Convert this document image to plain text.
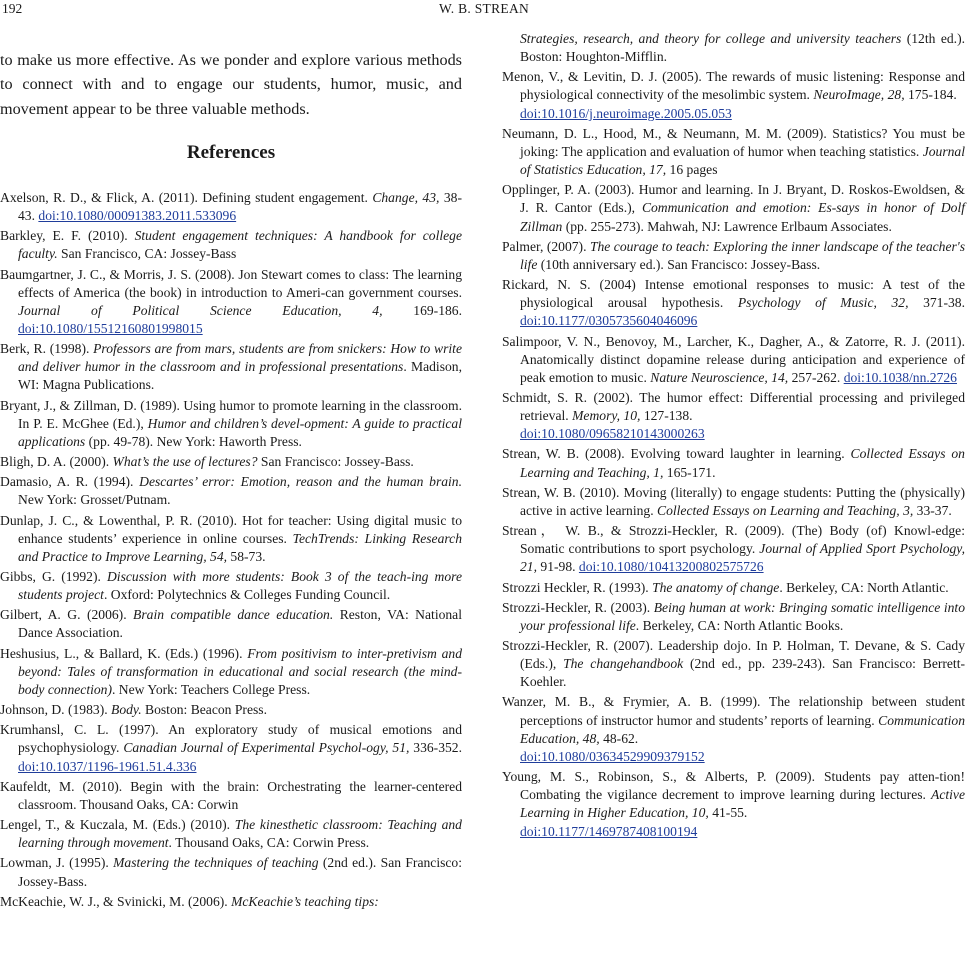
192	W. B. STREAN

to make us more effective. As we ponder and explore various methods to connect with and to engage our students, humor, music, and movement appear to be three valuable methods.

References
Axelson, R. D., & Flick, A. (2011). Defining student engagement. Change, 43, 38-43. doi:10.1080/00091383.2011.533096
Barkley, E. F. (2010). Student engagement techniques: A handbook for college faculty. San Francisco, CA: Jossey-Bass
Baumgartner, J. C., & Morris, J. S. (2008). Jon Stewart comes to class: The learning effects of America (the book) in introduction to Ameri-can government courses. Journal of Political Science Education, 4, 169-186. doi:10.1080/15512160801998015
Berk, R. (1998). Professors are from mars, students are from snickers: How to write and deliver humor in the classroom and in professional presentations. Madison, WI: Magna Publications.
Bryant, J., & Zillman, D. (1989). Using humor to promote learning in the classroom. In P. E. McGhee (Ed.), Humor and children’s devel-opment: A guide to practical applications (pp. 49-78). New York: Haworth Press.
Bligh, D. A. (2000). What’s the use of lectures? San Francisco: Jossey-Bass.
Damasio, A. R. (1994). Descartes’ error: Emotion, reason and the human brain. New York: Grosset/Putnam.
Dunlap, J. C., & Lowenthal, P. R. (2010). Hot for teacher: Using digital music to enhance students’ experience in online courses. TechTrends: Linking Research and Practice to Improve Learning, 54, 58-73.
Gibbs, G. (1992). Discussion with more students: Book 3 of the teach-ing more students project. Oxford: Polytechnics & Colleges Funding Council.
Gilbert, A. G. (2006). Brain compatible dance education. Reston, VA: National Dance Association.
Heshusius, L., & Ballard, K. (Eds.) (1996). From positivism to inter-pretivism and beyond: Tales of transformation in educational and social research (the mind-body connection). New York: Teachers College Press.
Johnson, D. (1983). Body. Boston: Beacon Press.
Krumhansl, C. L. (1997). An exploratory study of musical emotions and psychophysiology. Canadian Journal of Experimental Psychol-ogy, 51, 336-352. doi:10.1037/1196-1961.51.4.336
Kaufeldt, M. (2010). Begin with the brain: Orchestrating the learner-centered classroom. Thousand Oaks, CA: Corwin
Lengel, T., & Kuczala, M. (Eds.) (2010). The kinesthetic classroom: Teaching and learning through movement. Thousand Oaks, CA: Corwin Press.
Lowman, J. (1995). Mastering the techniques of teaching (2nd ed.). San Francisco: Jossey-Bass.
McKeachie, W. J., & Svinicki, M. (2006). McKeachie’s teaching tips:
Strategies, research, and theory for college and university teachers (12th ed.). Boston: Houghton-Mifflin.
Menon, V., & Levitin, D. J. (2005). The rewards of music listening: Response and physiological connectivity of the mesolimbic system. NeuroImage, 28, 175-184.
doi:10.1016/j.neuroimage.2005.05.053
Neumann, D. L., Hood, M., & Neumann, M. M. (2009). Statistics? You must be joking: The application and evaluation of humor when teaching statistics. Journal of Statistics Education, 17, 16 pages
Opplinger, P. A. (2003). Humor and learning. In J. Bryant, D. Roskos-Ewoldsen, & J. R. Cantor (Eds.), Communication and emotion: Es-says in honor of Dolf Zillman (pp. 255-273). Mahwah, NJ: Lawrence Erlbaum Associates.
Palmer, (2007). The courage to teach: Exploring the inner landscape of the teacher's life (10th anniversary ed.). San Francisco: Jossey-Bass.
Rickard, N. S. (2004) Intense emotional responses to music: A test of the physiological arousal hypothesis. Psychology of Music, 32, 371-38. doi:10.1177/0305735604046096
Salimpoor, V. N., Benovoy, M., Larcher, K., Dagher, A., & Zatorre, R. J. (2011). Anatomically distinct dopamine release during anticipation and experience of peak emotion to music. Nature Neuroscience, 14, 257-262. doi:10.1038/nn.2726
Schmidt, S. R. (2002). The humor effect: Differential processing and privileged retrieval. Memory, 10, 127-138.
doi:10.1080/09658210143000263
Strean, W. B. (2008). Evolving toward laughter in learning. Collected Essays on Learning and Teaching, 1, 165-171.
Strean, W. B. (2010). Moving (literally) to engage students: Putting the (physically) active in active learning. Collected Essays on Learning and Teaching, 3, 33-37.
Strean， W. B., & Strozzi-Heckler, R. (2009). (The) Body (of) Knowl-edge: Somatic contributions to sport psychology. Journal of Applied Sport Psychology, 21, 91-98. doi:10.1080/10413200802575726
Strozzi Heckler, R. (1993). The anatomy of change. Berkeley, CA: North Atlantic.
Strozzi-Heckler, R. (2003). Being human at work: Bringing somatic intelligence into your professional life. Berkeley, CA: North Atlantic Books.
Strozzi-Heckler, R. (2007). Leadership dojo. In P. Holman, T. Devane, & S. Cady (Eds.), The changehandbook (2nd ed., pp. 239-243). San Francisco: Berrett-Koehler.
Wanzer, M. B., & Frymier, A. B. (1999). The relationship between student perceptions of instructor humor and students’ reports of learning. Communication Education, 48, 48-62.
doi:10.1080/03634529909379152
Young, M. S., Robinson, S., & Alberts, P. (2009). Students pay atten-tion! Combating the vigilance decrement to improve learning during lectures. Active Learning in Higher Education, 10, 41-55.
doi:10.1177/1469787408100194
